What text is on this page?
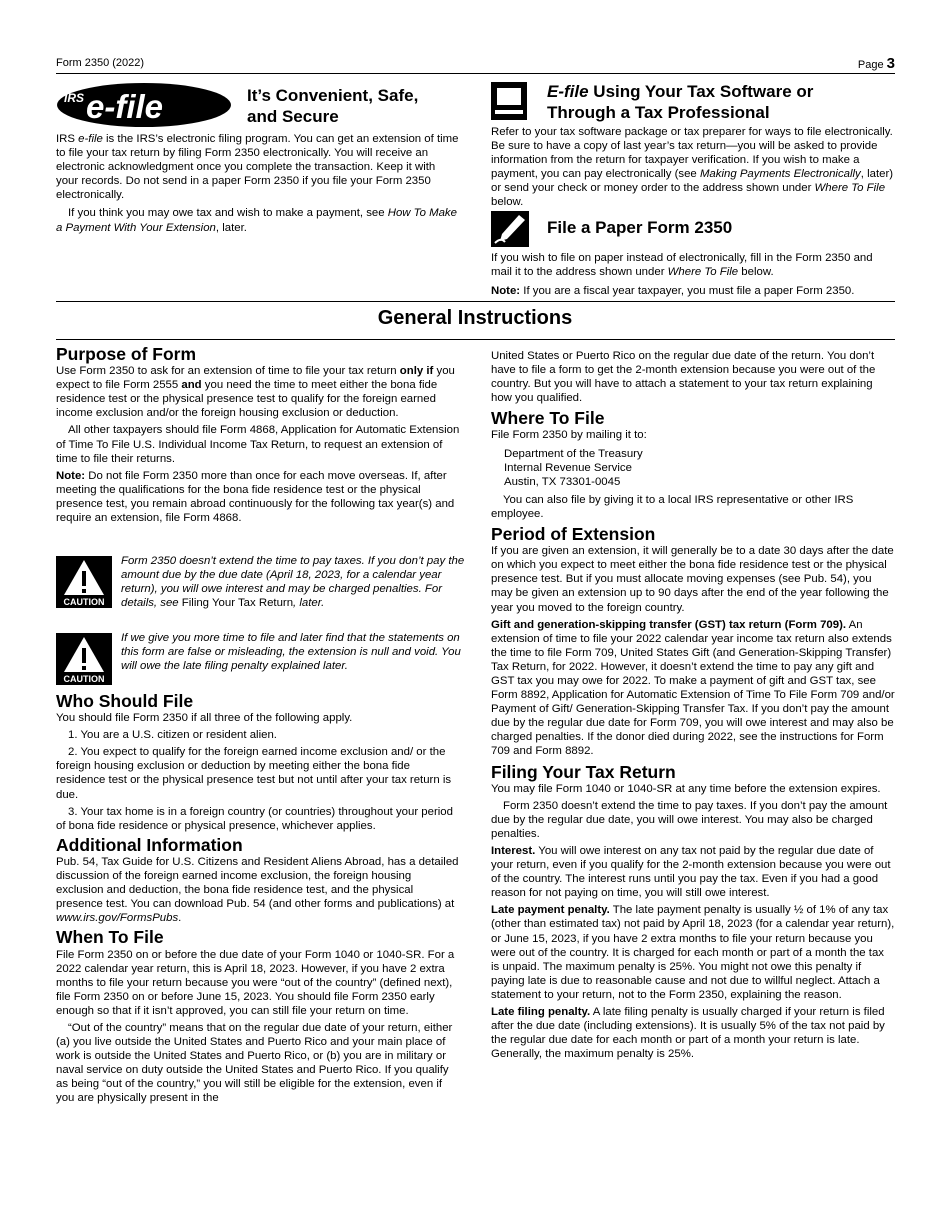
Form 2350 (2022)	Page 3
IRS e-file	It’s Convenient, Safe,
and Secure

IRS e-file is the IRS’s electronic filing program. You can get an extension of time to file your tax return by filing Form 2350 electronically. You will receive an electronic acknowledgment once you complete the transaction. Keep it with your records. Do not send in a paper Form 2350 if you file your Form 2350 electronically.

If you think you may owe tax and wish to make a payment, see How To Make a Payment With Your Extension, later.

E-file Using Your Tax Software or
Through a Tax Professional

Refer to your tax software package or tax preparer for ways to file electronically. Be sure to have a copy of last year’s tax return—you will be asked to provide information from the return for taxpayer verification. If you wish to make a payment, you can pay electronically (see Making Payments Electronically, later) or send your check or money order to the address shown under Where To File below.

File a Paper Form 2350

If you wish to file on paper instead of electronically, fill in the Form 2350 and mail it to the address shown under Where To File below.

Note: If you are a fiscal year taxpayer, you must file a paper Form 2350.

General Instructions
Purpose of Form

Use Form 2350 to ask for an extension of time to file your tax return only if you expect to file Form 2555 and you need the time to meet either the bona fide residence test or the physical presence test to qualify for the foreign earned income exclusion and/or the foreign housing exclusion or deduction.

All other taxpayers should file Form 4868, Application for Automatic Extension of Time To File U.S. Individual Income Tax Return, to request an extension of time to file their returns.

Note: Do not file Form 2350 more than once for each move overseas. If, after meeting the qualifications for the bona fide residence test or the physical presence test, you remain abroad continuously for the following tax year(s) and require an extension, file Form 4868.

CAUTION
Form 2350 doesn’t extend the time to pay taxes. If you don’t pay the amount due by the due date (April 18, 2023, for a calendar year return), you will owe interest and may be charged penalties. For details, see Filing Your Tax Return, later.
CAUTION
If we give you more time to file and later find that the statements on this form are false or misleading, the extension is null and void. You will owe the late filing penalty explained later.
Who Should File

You should file Form 2350 if all three of the following apply.

1. You are a U.S. citizen or resident alien.

2. You expect to qualify for the foreign earned income exclusion and/ or the foreign housing exclusion or deduction by meeting either the bona fide residence test or the physical presence test but not until after your tax return is due.

3. Your tax home is in a foreign country (or countries) throughout your period of bona fide residence or physical presence, whichever applies.

Additional Information

Pub. 54, Tax Guide for U.S. Citizens and Resident Aliens Abroad, has a detailed discussion of the foreign earned income exclusion, the foreign housing exclusion and deduction, the bona fide residence test, and the physical presence test. You can download Pub. 54 (and other forms and publications) at www.irs.gov/FormsPubs.

When To File

File Form 2350 on or before the due date of your Form 1040 or 1040-SR. For a 2022 calendar year return, this is April 18, 2023. However, if you have 2 extra months to file your return because you were “out of the country” (defined next), file Form 2350 on or before June 15, 2023. You should file Form 2350 early enough so that if it isn’t approved, you can still file your return on time.

“Out of the country” means that on the regular due date of your return, either (a) you live outside the United States and Puerto Rico and your main place of work is outside the United States and Puerto Rico, or (b) you are in military or naval service on duty outside the United States and Puerto Rico. If you qualify as being “out of the country,” you will still be eligible for the extension, even if you are physically present in the

United States or Puerto Rico on the regular due date of the return. You don’t have to file a form to get the 2-month extension because you were out of the country. But you will have to attach a statement to your tax return explaining how you qualified.

Where To File

File Form 2350 by mailing it to:

Department of the Treasury
Internal Revenue Service
Austin, TX 73301-0045

You can also file by giving it to a local IRS representative or other IRS employee.

Period of Extension

If you are given an extension, it will generally be to a date 30 days after the date on which you expect to meet either the bona fide residence test or the physical presence test. But if you must allocate moving expenses (see Pub. 54), you may be given an extension up to 90 days after the end of the year following the year you moved to the foreign country.

Gift and generation-skipping transfer (GST) tax return (Form 709). An extension of time to file your 2022 calendar year income tax return also extends the time to file Form 709, United States Gift (and Generation-Skipping Transfer) Tax Return, for 2022. However, it doesn’t extend the time to pay any gift and GST tax you may owe for 2022. To make a payment of gift and GST tax, see Form 8892, Application for Automatic Extension of Time To File Form 709 and/or Payment of Gift/ Generation-Skipping Transfer Tax. If you don’t pay the amount due by the regular due date for Form 709, you will owe interest and may also be charged penalties. If the donor died during 2022, see the instructions for Form 709 and Form 8892.

Filing Your Tax Return

You may file Form 1040 or 1040-SR at any time before the extension expires.

Form 2350 doesn’t extend the time to pay taxes. If you don’t pay the amount due by the regular due date, you will owe interest. You may also be charged penalties.

Interest. You will owe interest on any tax not paid by the regular due date of your return, even if you qualify for the 2-month extension because you were out of the country. The interest runs until you pay the tax. Even if you had a good reason for not paying on time, you will still owe interest.

Late payment penalty. The late payment penalty is usually ½ of 1% of any tax (other than estimated tax) not paid by April 18, 2023 (for a calendar year return), or June 15, 2023, if you have 2 extra months to file your return because you were out of the country. It is charged for each month or part of a month the tax is unpaid. The maximum penalty is 25%. You might not owe this penalty if paying late is due to reasonable cause and not due to willful neglect. Attach a statement to your return, not to the Form 2350, explaining the reason.

Late filing penalty. A late filing penalty is usually charged if your return is filed after the due date (including extensions). It is usually 5% of the tax not paid by the regular due date for each month or part of a month your return is late. Generally, the maximum penalty is 25%.
